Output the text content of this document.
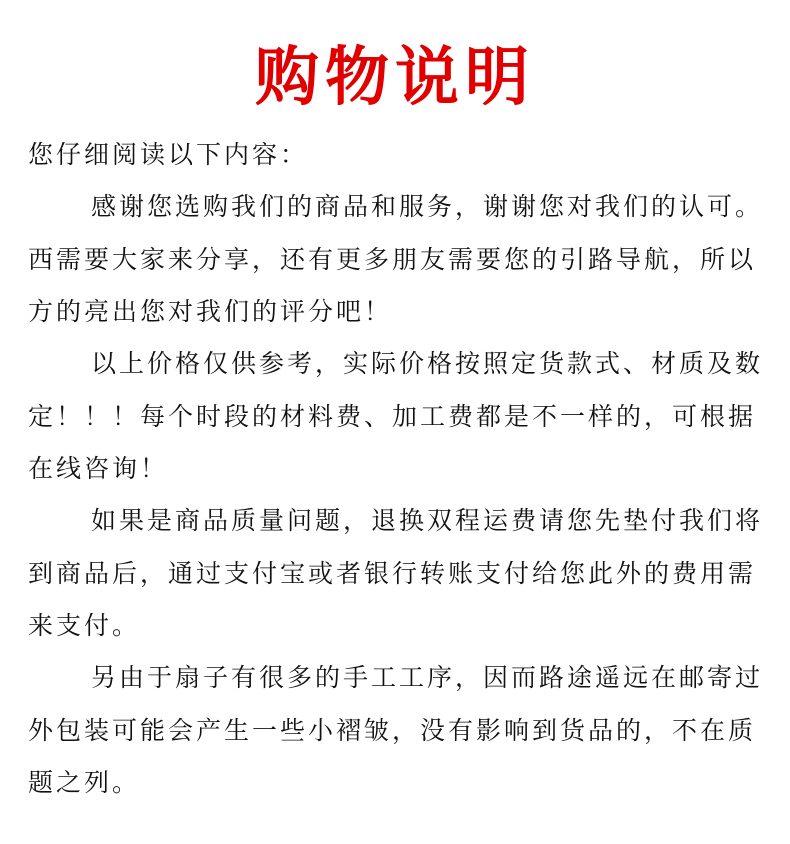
购物说明
您仔细阅读以下内容：
感谢您选购我们的商品和服务，谢谢您对我们的认可。
西需要大家来分享，还有更多朋友需要您的引路导航，所以
方的亮出您对我们的评分吧！
以上价格仅供参考，实际价格按照定货款式、材质及数
定！！！每个时段的材料费、加工费都是不一样的，可根据
在线咨询！
如果是商品质量问题，退换双程运费请您先垫付我们将
到商品后，通过支付宝或者银行转账支付给您此外的费用需
来支付。
另由于扇子有很多的手工工序，因而路途遥远在邮寄过
外包装可能会产生一些小褶皱，没有影响到货品的，不在质
题之列。
